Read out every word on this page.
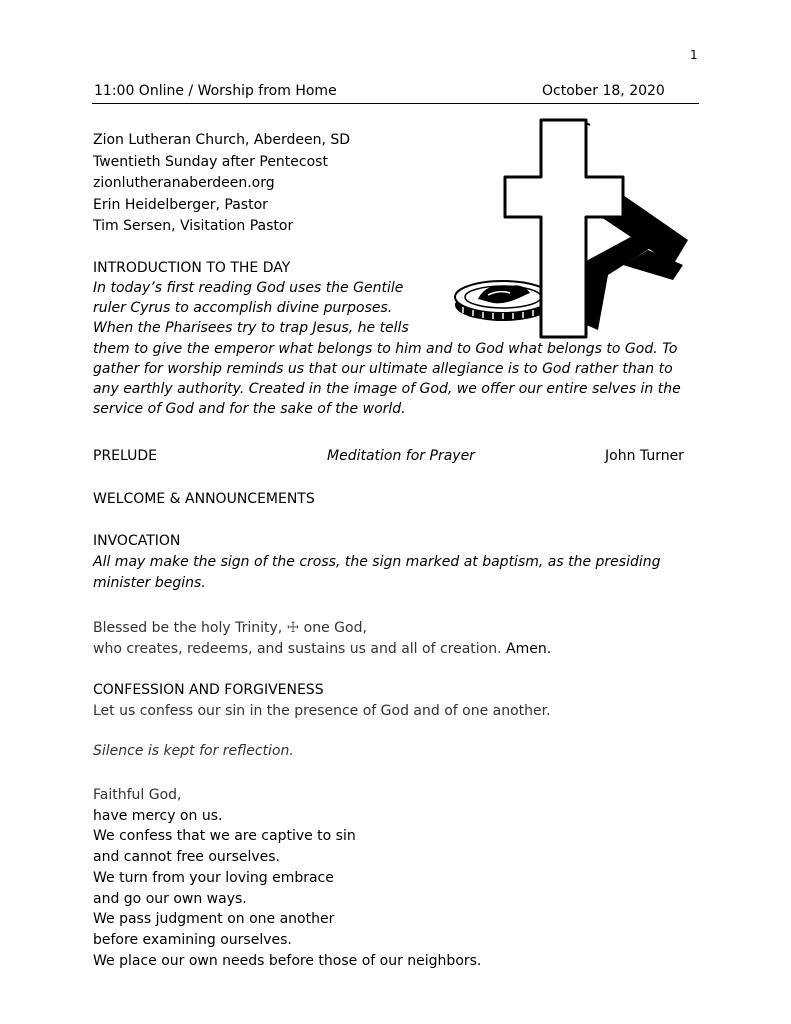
1
11:00 Online / Worship from Home	October 18, 2020
Zion Lutheran Church, Aberdeen, SD
Twentieth Sunday after Pentecost
zionlutheranaberdeen.org
Erin Heidelberger, Pastor
Tim Sersen, Visitation Pastor
INTRODUCTION TO THE DAY
In today’s first reading God uses the Gentile
ruler Cyrus to accomplish divine purposes.
When the Pharisees try to trap Jesus, he tells
them to give the emperor what belongs to him and to God what belongs to God. To
gather for worship reminds us that our ultimate allegiance is to God rather than to
any earthly authority. Created in the image of God, we offer our entire selves in the
service of God and for the sake of the world.
PRELUDE	Meditation for Prayer	John Turner
WELCOME & ANNOUNCEMENTS
INVOCATION
All may make the sign of the cross, the sign marked at baptism, as the presiding
minister begins.
Blessed be the holy Trinity, ☩ one God,
who creates, redeems, and sustains us and all of creation. Amen.
CONFESSION AND FORGIVENESS
Let us confess our sin in the presence of God and of one another.
Silence is kept for reflection.
Faithful God,
have mercy on us.
We confess that we are captive to sin
and cannot free ourselves.
We turn from your loving embrace
and go our own ways.
We pass judgment on one another
before examining ourselves.
We place our own needs before those of our neighbors.
